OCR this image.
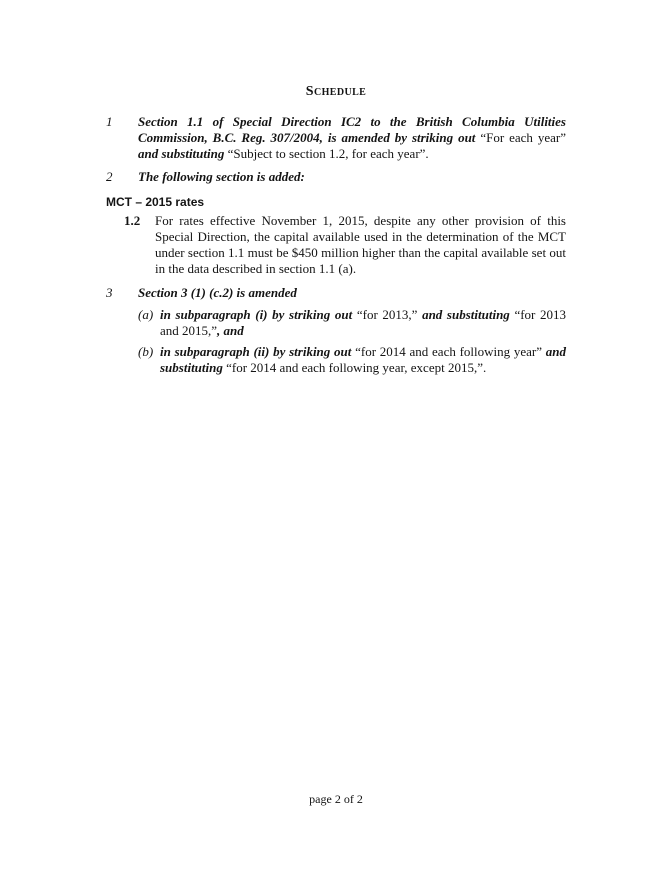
Schedule
1 Section 1.1 of Special Direction IC2 to the British Columbia Utilities Commission, B.C. Reg. 307/2004, is amended by striking out “For each year” and substituting “Subject to section 1.2, for each year”.
2 The following section is added:
MCT – 2015 rates
1.2 For rates effective November 1, 2015, despite any other provision of this Special Direction, the capital available used in the determination of the MCT under section 1.1 must be $450 million higher than the capital available set out in the data described in section 1.1 (a).
3 Section 3 (1) (c.2) is amended
(a) in subparagraph (i) by striking out “for 2013,” and substituting “for 2013 and 2015,”, and
(b) in subparagraph (ii) by striking out “for 2014 and each following year” and substituting “for 2014 and each following year, except 2015,”.
page 2 of 2
